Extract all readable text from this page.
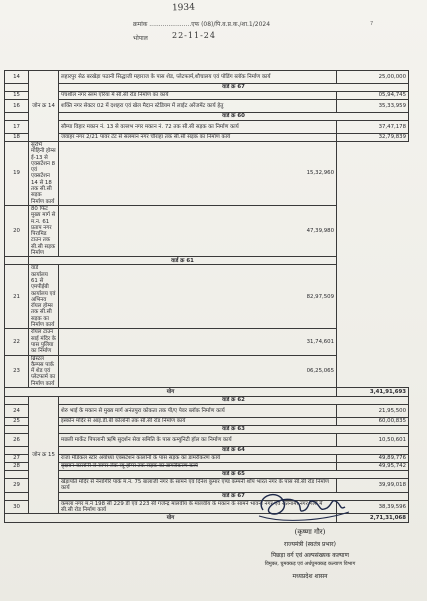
1934
क्रमांक ......................एफ (08)/पि.व.प्र.क./शा.1/2024
भोपाल	22-11-24
7
14	जोन क्र 14	लहारपुर सेठ बरखेड़ा पठानी सिद्धाजी महाराज के पास शेड, प्लेटफार्म,शौचालय एवं पोडिंग ब्लॉक निर्माण कार्य	25,00,000
		वार्ड क्र 67	
15		पंचशील नगर स्लम एरिया में सी.सी रोड निर्माण का कार्य	05,94,745
16		शक्ति नगर सेक्टर 02 में दशहरा एवं खेल मैदान स्टेडियम में लाईट अरेंजमेंट कार्य हेतु	35,33,959
		वार्ड क्र 60	
17		सौम्या विहार मकान नं. 13 से वल्लभ नगर मकान नं. 72 तक सी.सी सड़क का निर्माण कार्य	37,47,178
18		जवाहर नगर 2/21 पावर टेंट से सलमान नगर चौराहा तक सी.सी सड़क का निर्माण कार्य	32,79,839
19	सुरभि मोहिनी होम्स ई-13 से एक्सटेंशन 8 एवं एक्सटेंशन 14 से 18 तक सी.सी सड़क निर्माण कार्य	15,32,960	
20	80 फिट मुख्य मार्ग से म.न. 61 प्रताप नगर पिरामिड टाउन तक सी.सी सड़क निर्माण	47,39,980	
	वार्ड क्र 61		
21	वार्ड कार्यालय 61 से एमपीईबी कार्यालय एवं अभिनव रॉयल होम्स तक सी.सी सड़क का निर्माण कार्य	82,97,509	
22	रॉयल टाउन साई मंदिर के पास पुलिया का निर्माण	31,74,601	
23	ब्रिस्टल कैम्पस पार्क में शेड एवं प्लेटफार्म का निर्माण कार्य	06,25,065	
योग			3,41,91,693
	जोन क्र 15	वार्ड क्र 62	
24		शेरु भाई के मकान से मुख्य मार्ग अनंतपुरा कोकता तक पी/ए पेवर ब्लॉक निर्माण कार्य	21,95,500
25		इस्कॉन मंदिर से आइ.डी.बी कॉलोनी तक सी.सी रोड निर्माण कार्य	60,00,835
		वार्ड क्र 63	
26		मछली मार्केट पिपलानी ऋषि सुदर्शन सेवा समिति के पास कम्युनिटी हॉल का निर्माण कार्य	10,50,601
		वार्ड क्र 64	
27		राजा मेडिकल स्टोर अयोध्या एक्सटेंशन कालोनी के पास सड़क का डामरीकरण कार्य	49,89,776
28		वृंदावन कालोनी से सागर लेक व्यू होम्स तक सड़क का डामरीकरण कार्य	49,95,742
		वार्ड क्र 65	
29		खेड़ापति मंदिर से नेनागिरि पार्क म.न. 75 बालाजी नगर के सामने एवं दिनेश कुमार एण्ड कम्पनी शॉप भारत नगर के पास सी.सी रोड निर्माण कार्य	39,99,018
		वार्ड क्र 67	
30		कमला नगर म.न 198 सी 229 डी एवं 223 सी गजेन्द्र मालवीय के मालवीय के मकान के सामने भावना नगर एवं सतनामी नगर गली में सी.सी रोड निर्माण कार्य	38,39,596
योग			2,71,31,068
(कृष्णा गौर)
राज्यमंत्री (स्वतंत्र प्रभार)
पिछड़ा वर्ग एवं अल्पसंख्यक कल्याण
विमुक्त, घुमक्कड़ एवं अर्धघुमक्कड़ कल्याण विभाग
मध्यप्रदेश शासन
